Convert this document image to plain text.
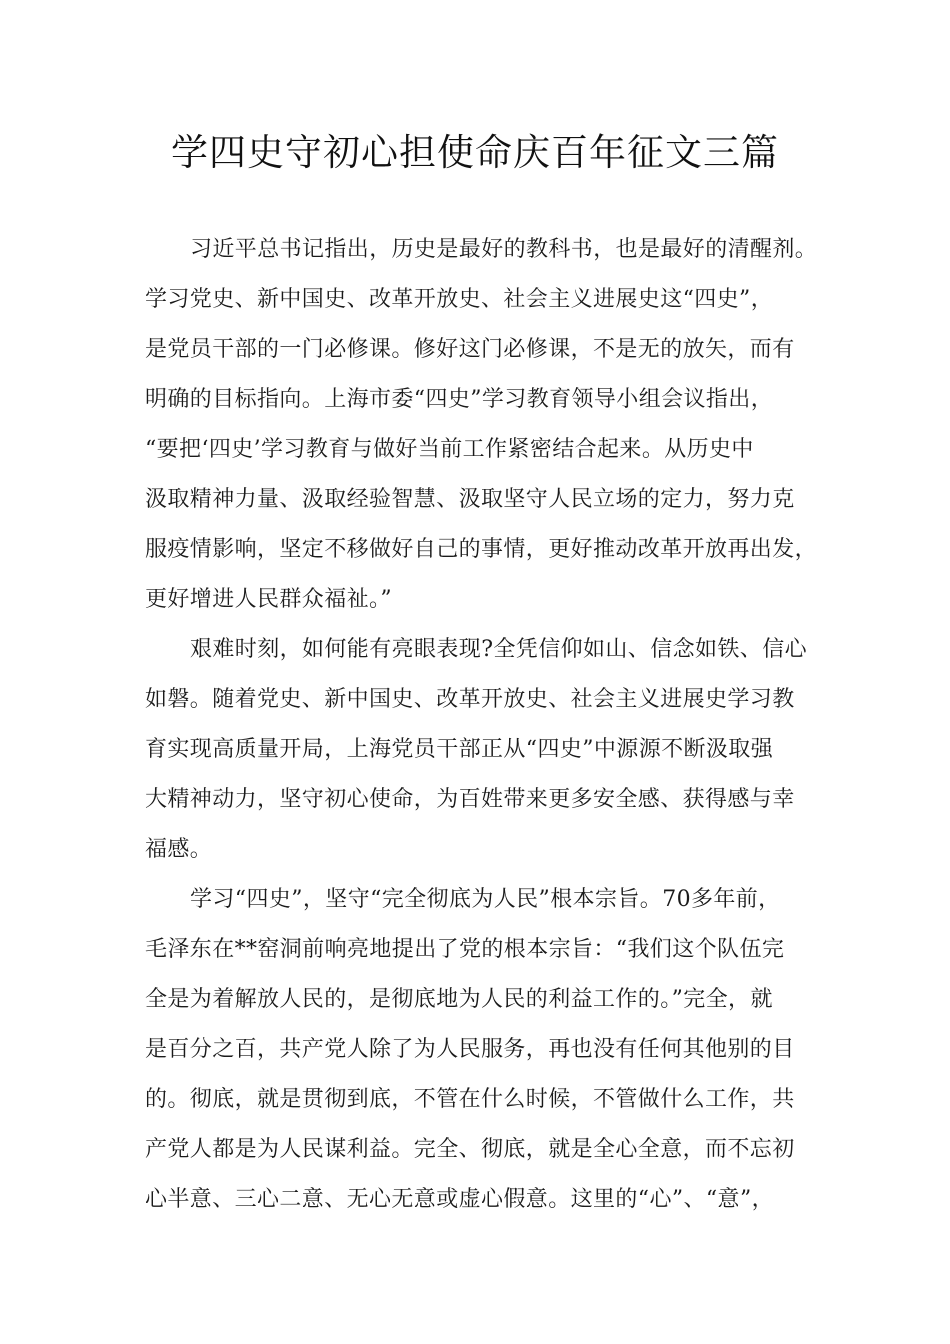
学四史守初心担使命庆百年征文三篇
习近平总书记指出，历史是最好的教科书，也是最好的清醒剂。
学习党史、新中国史、改革开放史、社会主义进展史这“四史”，
是党员干部的一门必修课。修好这门必修课，不是无的放矢，而有
明确的目标指向。上海市委“四史”学习教育领导小组会议指出，
“要把‘四史’学习教育与做好当前工作紧密结合起来。从历史中
汲取精神力量、汲取经验智慧、汲取坚守人民立场的定力，努力克
服疫情影响，坚定不移做好自己的事情，更好推动改革开放再出发，
更好增进人民群众福祉。”
艰难时刻，如何能有亮眼表现?全凭信仰如山、信念如铁、信心
如磐。随着党史、新中国史、改革开放史、社会主义进展史学习教
育实现高质量开局，上海党员干部正从“四史”中源源不断汲取强
大精神动力，坚守初心使命，为百姓带来更多安全感、获得感与幸
福感。
学习“四史”，坚守“完全彻底为人民”根本宗旨。70多年前，
毛泽东在**窑洞前响亮地提出了党的根本宗旨：“我们这个队伍完
全是为着解放人民的，是彻底地为人民的利益工作的。”完全，就
是百分之百，共产党人除了为人民服务，再也没有任何其他别的目
的。彻底，就是贯彻到底，不管在什么时候，不管做什么工作，共
产党人都是为人民谋利益。完全、彻底，就是全心全意，而不忘初
心半意、三心二意、无心无意或虚心假意。这里的“心”、“意”，
